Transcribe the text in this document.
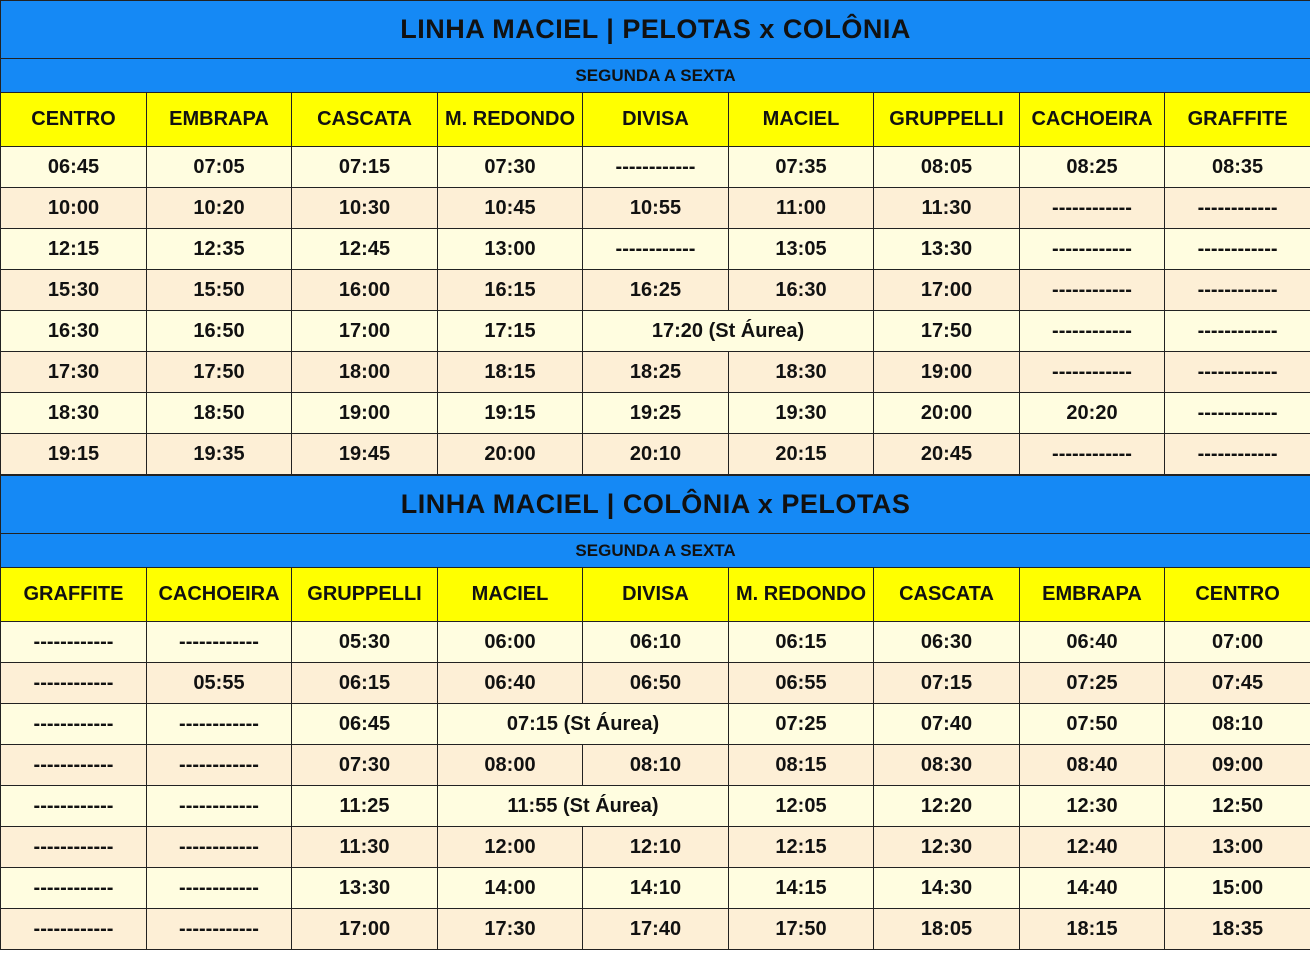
LINHA MACIEL | PELOTAS x COLÔNIA								
SEGUNDA A SEXTA								
CENTRO	EMBRAPA	CASCATA	M. REDONDO	DIVISA	MACIEL	GRUPPELLI	CACHOEIRA	GRAFFITE
06:45	07:05	07:15	07:30	------------	07:35	08:05	08:25	08:35
10:00	10:20	10:30	10:45	10:55	11:00	11:30	------------	------------
12:15	12:35	12:45	13:00	------------	13:05	13:30	------------	------------
15:30	15:50	16:00	16:15	16:25	16:30	17:00	------------	------------
16:30	16:50	17:00	17:15	17:20 (St Áurea)		17:50	------------	------------
17:30	17:50	18:00	18:15	18:25	18:30	19:00	------------	------------
18:30	18:50	19:00	19:15	19:25	19:30	20:00	20:20	------------
19:15	19:35	19:45	20:00	20:10	20:15	20:45	------------	------------
LINHA MACIEL | COLÔNIA x PELOTAS								
SEGUNDA A SEXTA								
GRAFFITE	CACHOEIRA	GRUPPELLI	MACIEL	DIVISA	M. REDONDO	CASCATA	EMBRAPA	CENTRO
------------	------------	05:30	06:00	06:10	06:15	06:30	06:40	07:00
------------	05:55	06:15	06:40	06:50	06:55	07:15	07:25	07:45
------------	------------	06:45	07:15 (St Áurea)		07:25	07:40	07:50	08:10
------------	------------	07:30	08:00	08:10	08:15	08:30	08:40	09:00
------------	------------	11:25	11:55 (St Áurea)		12:05	12:20	12:30	12:50
------------	------------	11:30	12:00	12:10	12:15	12:30	12:40	13:00
------------	------------	13:30	14:00	14:10	14:15	14:30	14:40	15:00
------------	------------	17:00	17:30	17:40	17:50	18:05	18:15	18:35
